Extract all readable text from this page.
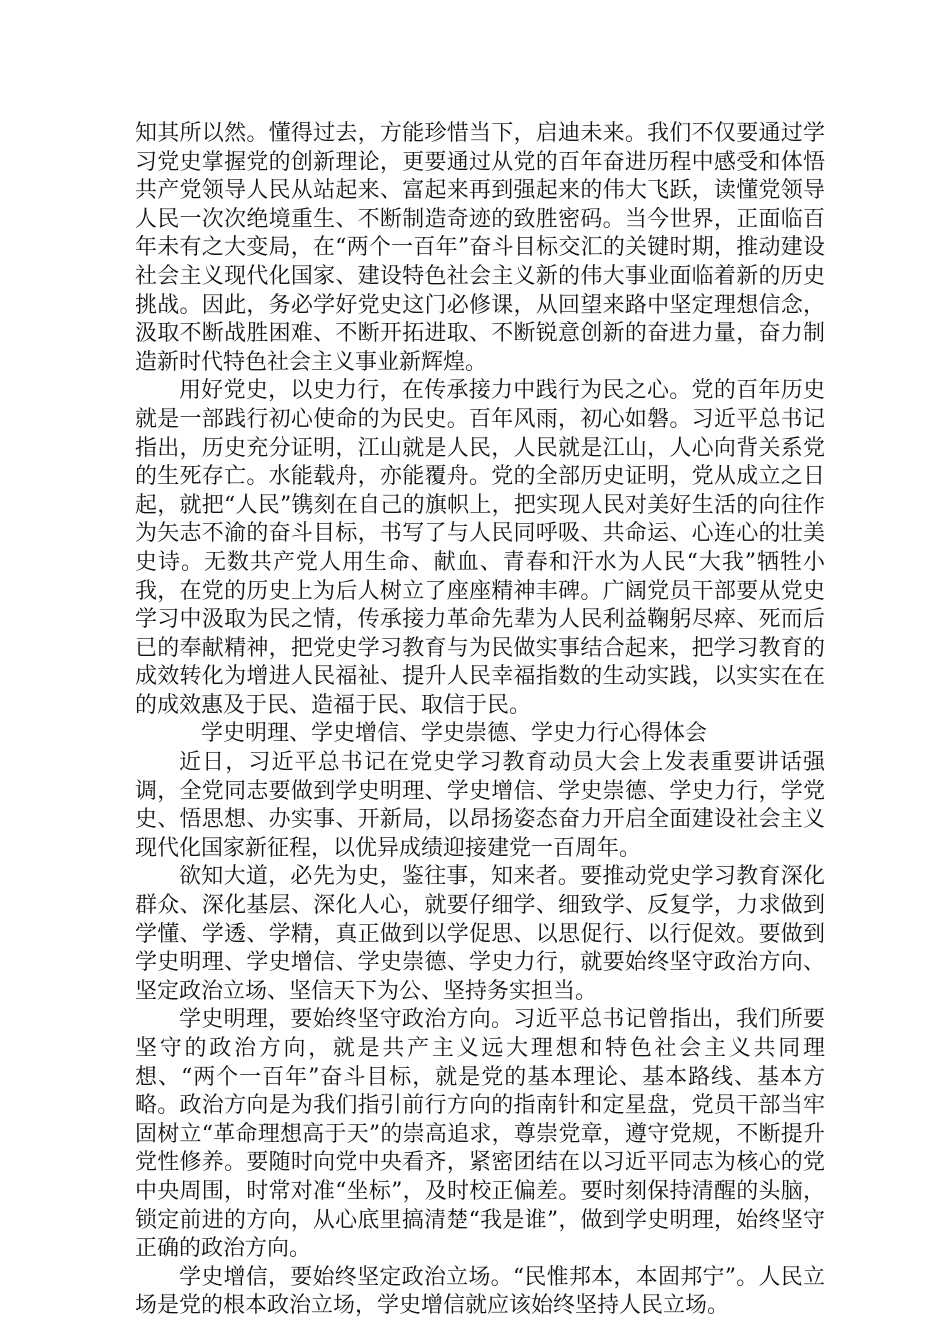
知其所以然。懂得过去，方能珍惜当下，启迪未来。我们不仅要通过学习党史掌握党的创新理论，更要通过从党的百年奋进历程中感受和体悟共产党领导人民从站起来、富起来再到强起来的伟大飞跃，读懂党领导人民一次次绝境重生、不断制造奇迹的致胜密码。当今世界，正面临百年未有之大变局，在“两个一百年”奋斗目标交汇的关键时期，推动建设社会主义现代化国家、建设特色社会主义新的伟大事业面临着新的历史挑战。因此，务必学好党史这门必修课，从回望来路中坚定理想信念，汲取不断战胜困难、不断开拓进取、不断锐意创新的奋进力量，奋力制造新时代特色社会主义事业新辉煌。

用好党史，以史力行，在传承接力中践行为民之心。党的百年历史就是一部践行初心使命的为民史。百年风雨，初心如磐。习近平总书记指出，历史充分证明，江山就是人民，人民就是江山，人心向背关系党的生死存亡。水能载舟，亦能覆舟。党的全部历史证明，党从成立之日起，就把“人民”镌刻在自己的旗帜上，把实现人民对美好生活的向往作为矢志不渝的奋斗目标，书写了与人民同呼吸、共命运、心连心的壮美史诗。无数共产党人用生命、献血、青春和汗水为人民“大我”牺牲小我，在党的历史上为后人树立了座座精神丰碑。广阔党员干部要从党史学习中汲取为民之情，传承接力革命先辈为人民利益鞠躬尽瘁、死而后已的奉献精神，把党史学习教育与为民做实事结合起来，把学习教育的成效转化为增进人民福祉、提升人民幸福指数的生动实践，以实实在在的成效惠及于民、造福于民、取信于民。

学史明理、学史增信、学史崇德、学史力行心得体会

近日，习近平总书记在党史学习教育动员大会上发表重要讲话强调，全党同志要做到学史明理、学史增信、学史崇德、学史力行，学党史、悟思想、办实事、开新局，以昂扬姿态奋力开启全面建设社会主义现代化国家新征程，以优异成绩迎接建党一百周年。

欲知大道，必先为史，鉴往事，知来者。要推动党史学习教育深化群众、深化基层、深化人心，就要仔细学、细致学、反复学，力求做到学懂、学透、学精，真正做到以学促思、以思促行、以行促效。要做到学史明理、学史增信、学史崇德、学史力行，就要始终坚守政治方向、坚定政治立场、坚信天下为公、坚持务实担当。

学史明理，要始终坚守政治方向。习近平总书记曾指出，我们所要坚守的政治方向，就是共产主义远大理想和特色社会主义共同理想、“两个一百年”奋斗目标，就是党的基本理论、基本路线、基本方略。政治方向是为我们指引前行方向的指南针和定星盘，党员干部当牢固树立“革命理想高于天”的崇高追求，尊崇党章，遵守党规，不断提升党性修养。要随时向党中央看齐，紧密团结在以习近平同志为核心的党中央周围，时常对准“坐标”，及时校正偏差。要时刻保持清醒的头脑，锁定前进的方向，从心底里搞清楚“我是谁”，做到学史明理，始终坚守正确的政治方向。

学史增信，要始终坚定政治立场。“民惟邦本，本固邦宁”。人民立场是党的根本政治立场，学史增信就应该始终坚持人民立场。
